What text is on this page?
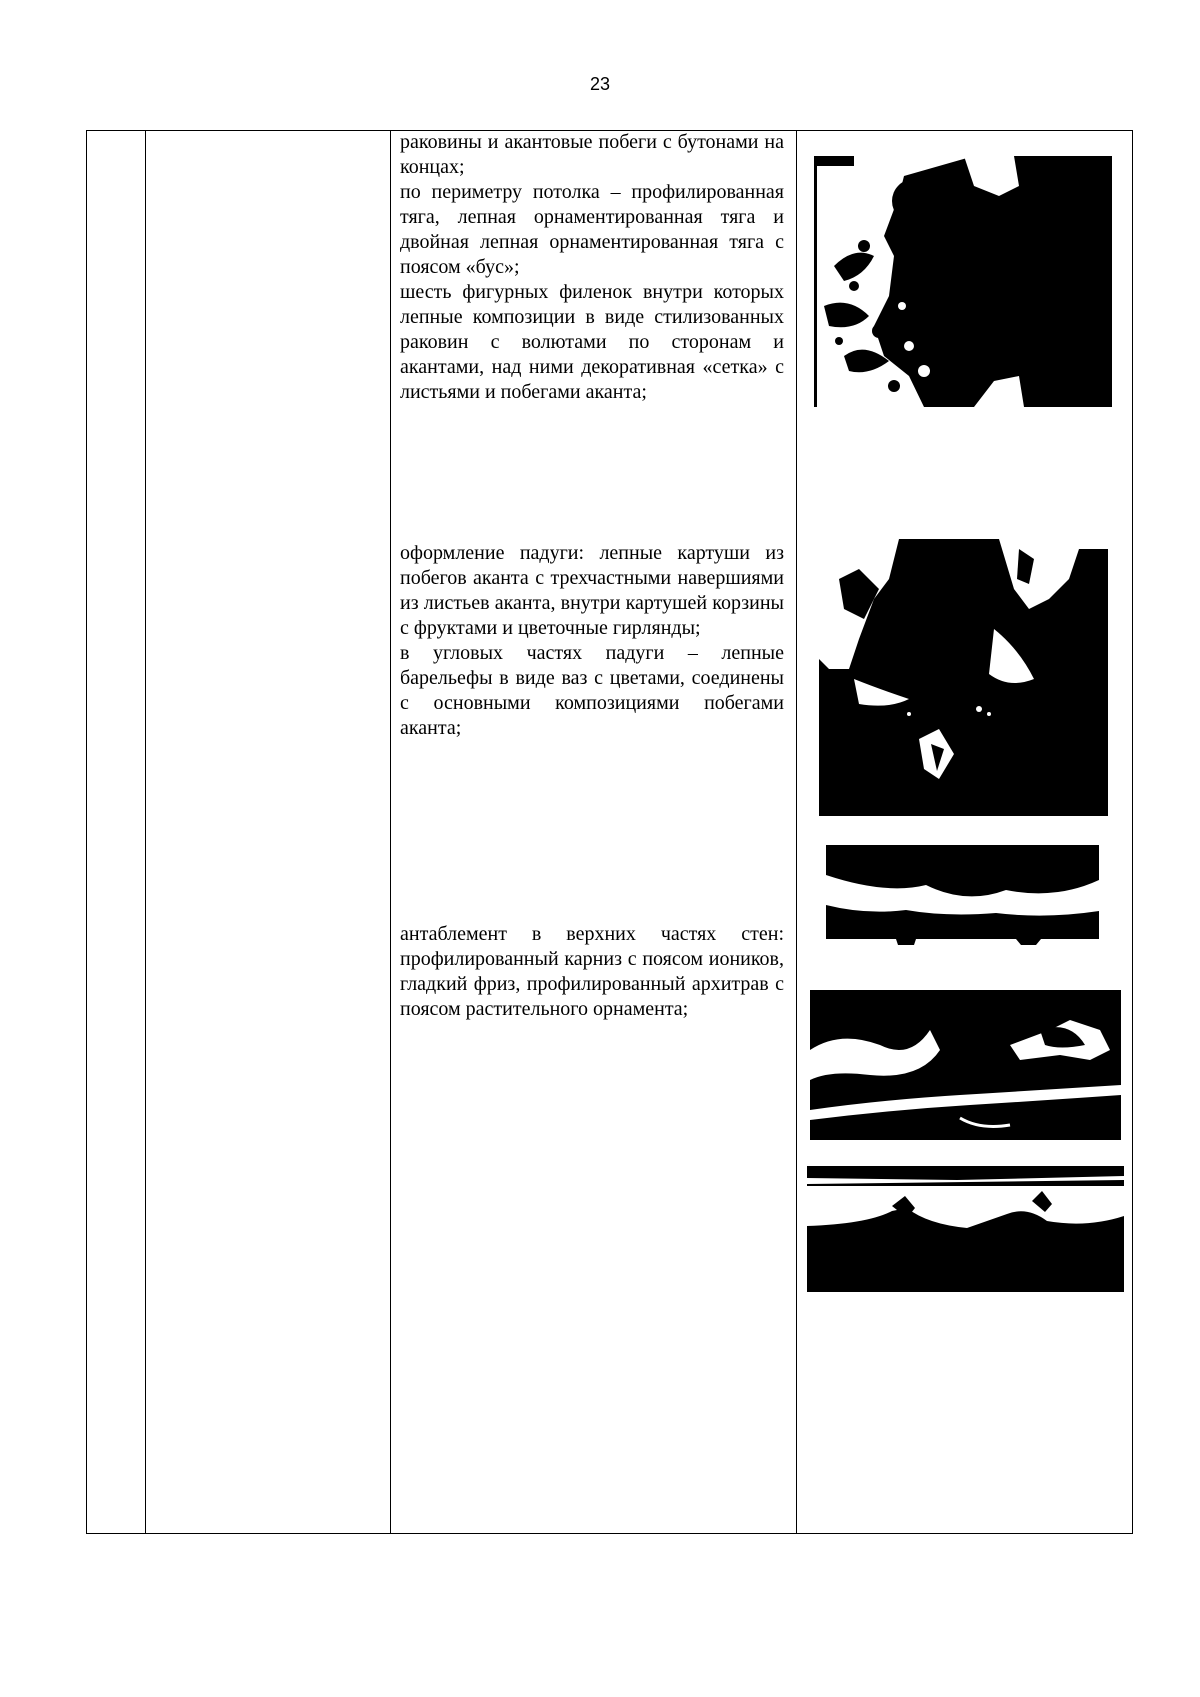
23

раковины и акантовые побеги с бутонами на концах;

по периметру потолка – профилированная тяга, лепная орнаментированная тяга и двойная лепная орнаментированная тяга с поясом «бус»;

шесть фигурных филенок внутри которых лепные композиции в виде стилизованных раковин с волютами по сторонам и акантами, над ними декоративная «сетка» с листьями и побегами аканта;

оформление падуги: лепные картуши из побегов аканта с трехчастными навершиями из листьев аканта, внутри картушей корзины с фруктами и цветочные гирлянды;

в угловых частях падуги – лепные барельефы в виде ваз с цветами, соединены с основными композициями побегами аканта;

антаблемент в верхних частях стен: профилированный карниз с поясом иоников, гладкий фриз, профилированный архитрав с поясом растительного орнамента;
